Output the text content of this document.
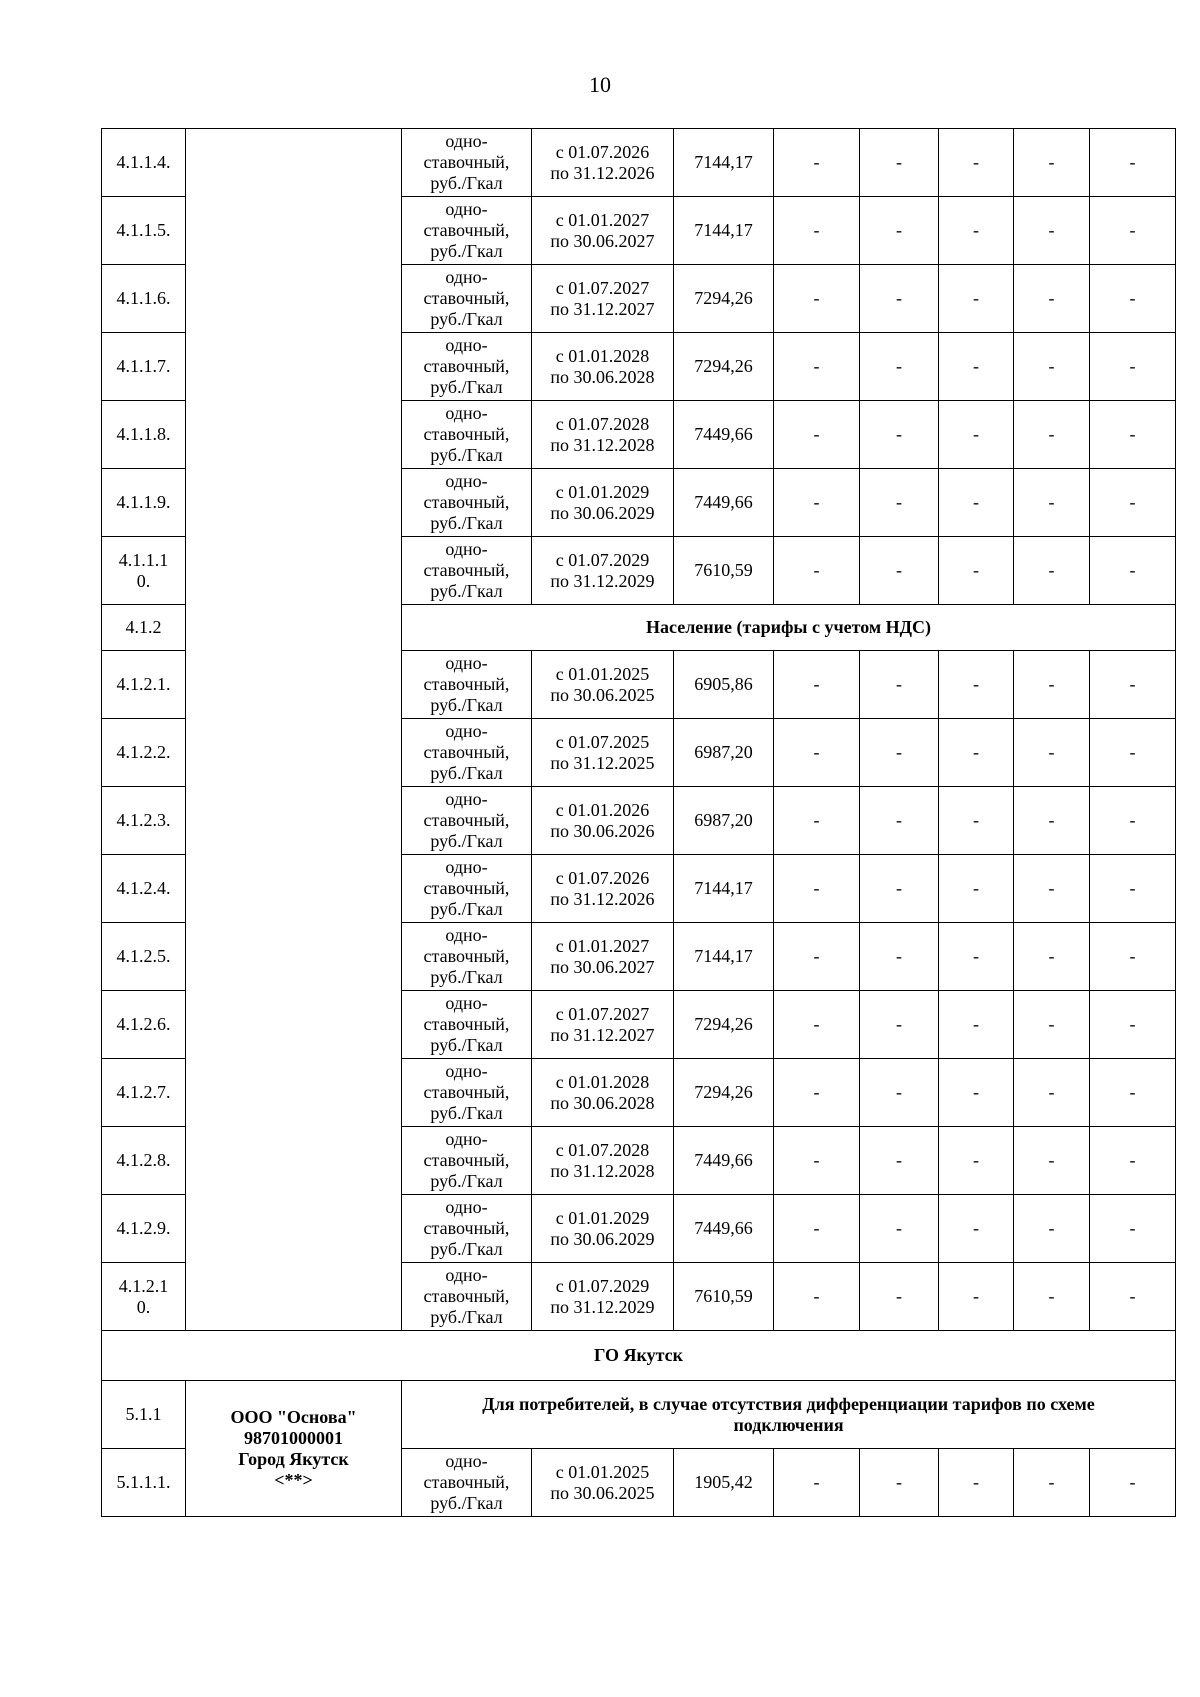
10
4.1.1.4.		одно-
ставочный,
руб./Гкал	с 01.07.2026
по 31.12.2026	7144,17	-	-	-	-	-
4.1.1.5.		одно-
ставочный,
руб./Гкал	с 01.01.2027
по 30.06.2027	7144,17	-	-	-	-	-
4.1.1.6.		одно-
ставочный,
руб./Гкал	с 01.07.2027
по 31.12.2027	7294,26	-	-	-	-	-
4.1.1.7.		одно-
ставочный,
руб./Гкал	с 01.01.2028
по 30.06.2028	7294,26	-	-	-	-	-
4.1.1.8.		одно-
ставочный,
руб./Гкал	с 01.07.2028
по 31.12.2028	7449,66	-	-	-	-	-
4.1.1.9.		одно-
ставочный,
руб./Гкал	с 01.01.2029
по 30.06.2029	7449,66	-	-	-	-	-

4.1.1.1
0.		одно-
ставочный,
руб./Гкал	с 01.07.2029
по 31.12.2029	7610,59	-	-	-	-	-
4.1.2		Население (тарифы с учетом НДС)							
4.1.2.1.		одно-
ставочный,
руб./Гкал	с 01.01.2025
по 30.06.2025	6905,86	-	-	-	-	-
4.1.2.2.		одно-
ставочный,
руб./Гкал	с 01.07.2025
по 31.12.2025	6987,20	-	-	-	-	-
4.1.2.3.		одно-
ставочный,
руб./Гкал	с 01.01.2026
по 30.06.2026	6987,20	-	-	-	-	-
4.1.2.4.		одно-
ставочный,
руб./Гкал	с 01.07.2026
по 31.12.2026	7144,17	-	-	-	-	-
4.1.2.5.		одно-
ставочный,
руб./Гкал	с 01.01.2027
по 30.06.2027	7144,17	-	-	-	-	-
4.1.2.6.		одно-
ставочный,
руб./Гкал	с 01.07.2027
по 31.12.2027	7294,26	-	-	-	-	-
4.1.2.7.		одно-
ставочный,
руб./Гкал	с 01.01.2028
по 30.06.2028	7294,26	-	-	-	-	-
4.1.2.8.		одно-
ставочный,
руб./Гкал	с 01.07.2028
по 31.12.2028	7449,66	-	-	-	-	-
4.1.2.9.		одно-
ставочный,
руб./Гкал	с 01.01.2029
по 30.06.2029	7449,66	-	-	-	-	-

4.1.2.1
0.		одно-
ставочный,
руб./Гкал	с 01.07.2029
по 31.12.2029	7610,59	-	-	-	-	-
ГО Якутск									
5.1.1	ООО "Основа"
98701000001
Город Якутск
<**>	Для потребителей, в случае отсутствия дифференциации тарифов по схеме
подключения							

5.1.1.1.		одно-
ставочный,
руб./Гкал	с 01.01.2025
по 30.06.2025	1905,42	-	-	-	-	-
